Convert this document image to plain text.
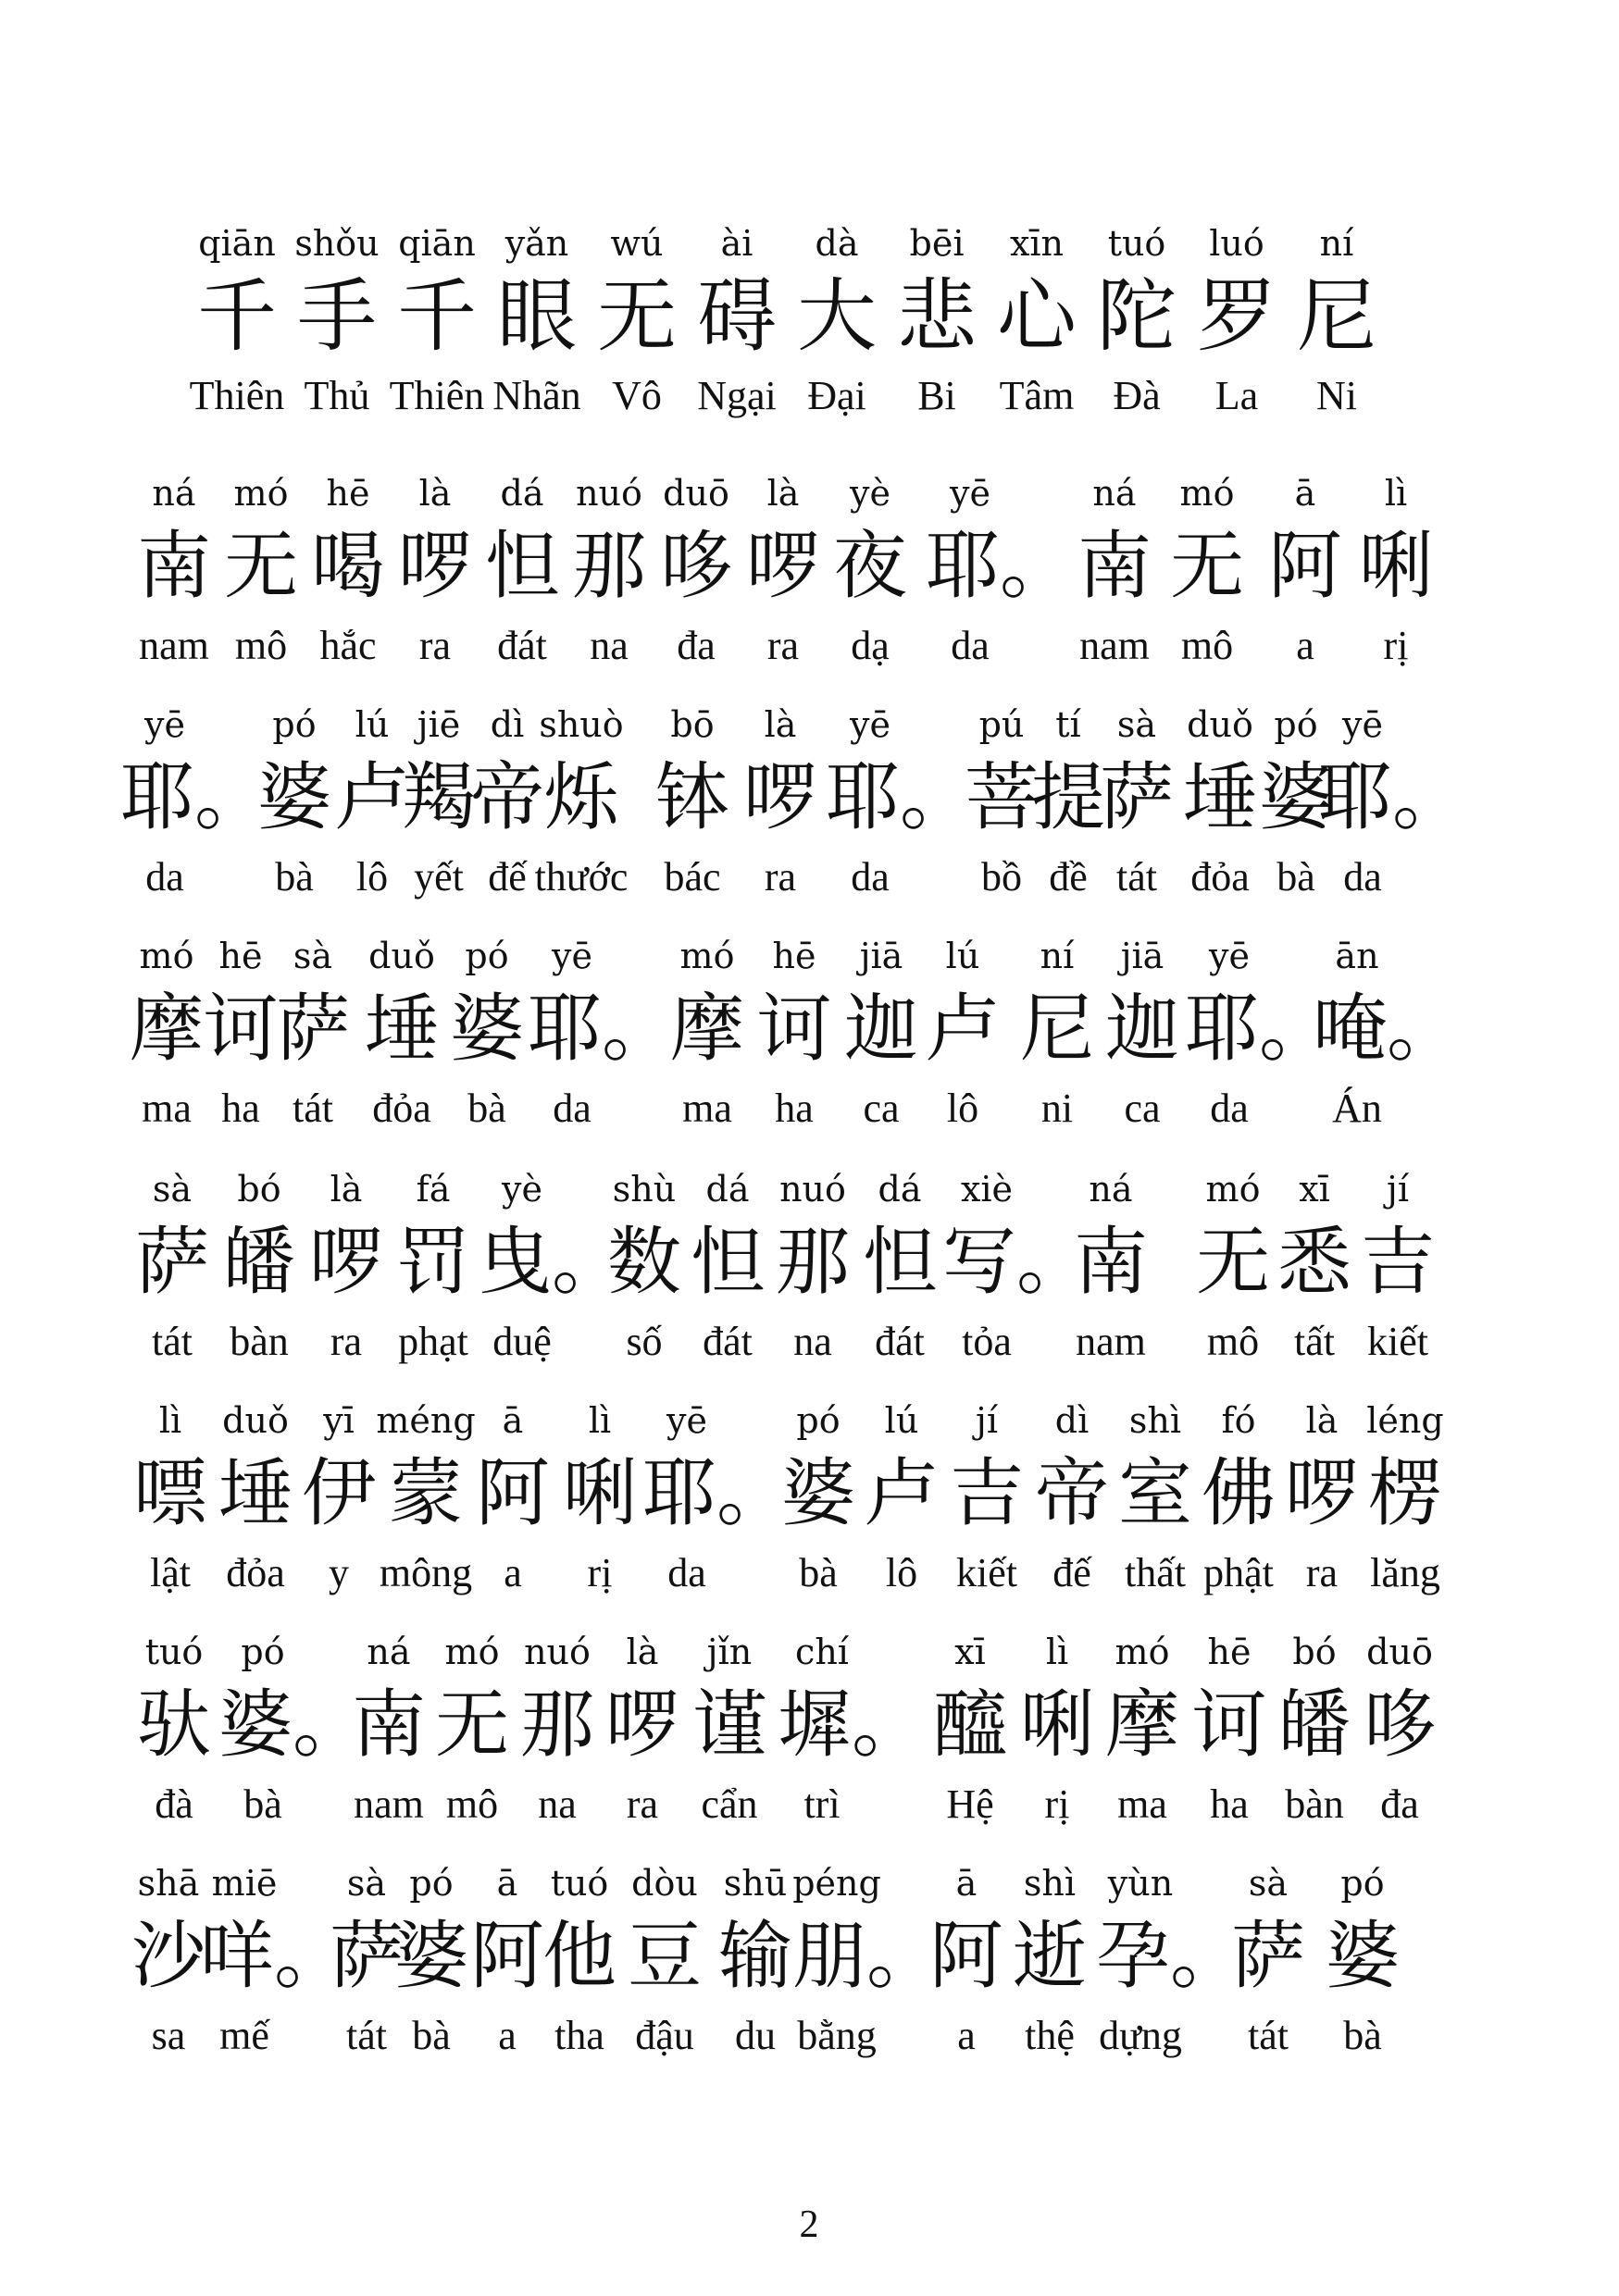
qiān
千
Thiên
shǒu
手
Thủ
qiān
千
Thiên
yǎn
眼
Nhãn
wú
无
Vô
ài
碍
Ngại
dà
大
Đại
bēi
悲
Bi
xīn
心
Tâm
tuó
陀
Đà
luó
罗
La
ní
尼
Ni
ná
南
nam
mó
无
mô
hē
喝
hắc
là
啰
ra
dá
怛
đát
nuó
那
na
duō
哆
đa
là
啰
ra
yè
夜
dạ
yē
耶。
da
ná
南
nam
mó
无
mô
ā
阿
a
lì
唎
rị
yē
耶。
da
pó
婆
bà
lú
卢
lô
jiē
羯
yết
dì
帝
đế
shuò
烁
thước
bō
钵
bác
là
啰
ra
yē
耶。
da
pú
菩
bồ
tí
提
đề
sà
萨
tát
duǒ
埵
đỏa
pó
婆
bà
yē
耶。
da
mó
摩
ma
hē
诃
ha
sà
萨
tát
duǒ
埵
đỏa
pó
婆
bà
yē
耶。
da
mó
摩
ma
hē
诃
ha
jiā
迦
ca
lú
卢
lô
ní
尼
ni
jiā
迦
ca
yē
耶。
da
ān
唵。
Án
sà
萨
tát
bó
皤
bàn
là
啰
ra
fá
罚
phạt
yè
曳。
duệ
shù
数
số
dá
怛
đát
nuó
那
na
dá
怛
đát
xiè
写。
tỏa
ná
南
nam
mó
无
mô
xī
悉
tất
jí
吉
kiết
lì
嘌
lật
duǒ
埵
đỏa
yī
伊
y
méng
蒙
mông
ā
阿
a
lì
唎
rị
yē
耶。
da
pó
婆
bà
lú
卢
lô
jí
吉
kiết
dì
帝
đế
shì
室
thất
fó
佛
phật
là
啰
ra
léng
楞
lăng
tuó
驮
đà
pó
婆。
bà
ná
南
nam
mó
无
mô
nuó
那
na
là
啰
ra
jǐn
谨
cẩn
chí
墀。
trì
xī
醯
Hệ
lì
唎
rị
mó
摩
ma
hē
诃
ha
bó
皤
bàn
duō
哆
đa
shā
沙
sa
miē
咩。
mế
sà
萨
tát
pó
婆
bà
ā
阿
a
tuó
他
tha
dòu
豆
đậu
shū
输
du
péng
朋。
bằng
ā
阿
a
shì
逝
thệ
yùn
孕。
dựng
sà
萨
tát
pó
婆
bà
2
